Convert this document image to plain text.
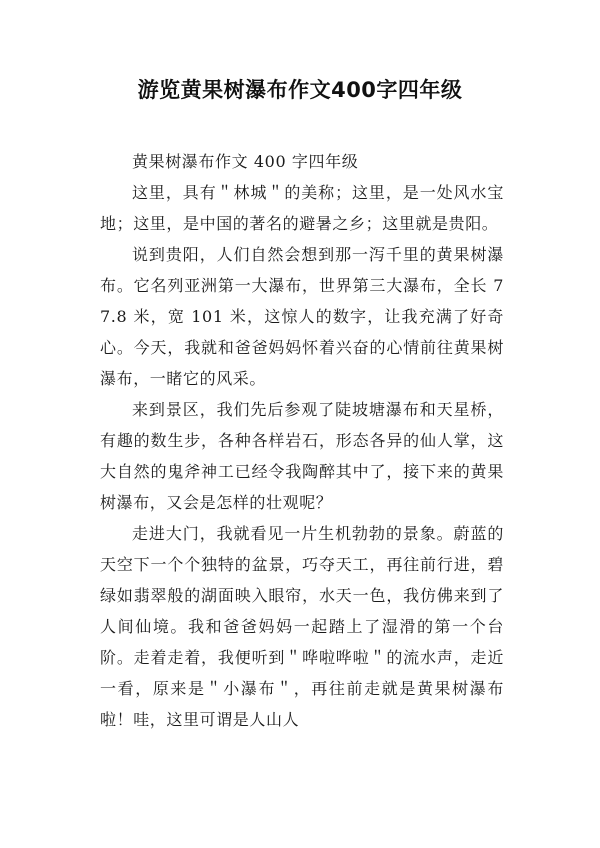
游览黄果树瀑布作文400字四年级

黄果树瀑布作文 400 字四年级

这里，具有＂林城＂的美称；这里，是一处风水宝地；这里，是中国的著名的避暑之乡；这里就是贵阳。

说到贵阳，人们自然会想到那一泻千里的黄果树瀑布。它名列亚洲第一大瀑布，世界第三大瀑布，全长 77.8 米，宽 101 米，这惊人的数字，让我充满了好奇心。今天，我就和爸爸妈妈怀着兴奋的心情前往黄果树瀑布，一睹它的风采。

来到景区，我们先后参观了陡坡塘瀑布和天星桥，有趣的数生步，各种各样岩石，形态各异的仙人掌，这大自然的鬼斧神工已经令我陶醉其中了，接下来的黄果树瀑布，又会是怎样的壮观呢？

走进大门，我就看见一片生机勃勃的景象。蔚蓝的天空下一个个独特的盆景，巧夺天工，再往前行进，碧绿如翡翠般的湖面映入眼帘，水天一色，我仿佛来到了人间仙境。我和爸爸妈妈一起踏上了湿滑的第一个台阶。走着走着，我便听到＂哗啦哗啦＂的流水声，走近一看，原来是＂小瀑布＂，再往前走就是黄果树瀑布啦！哇，这里可谓是人山人
